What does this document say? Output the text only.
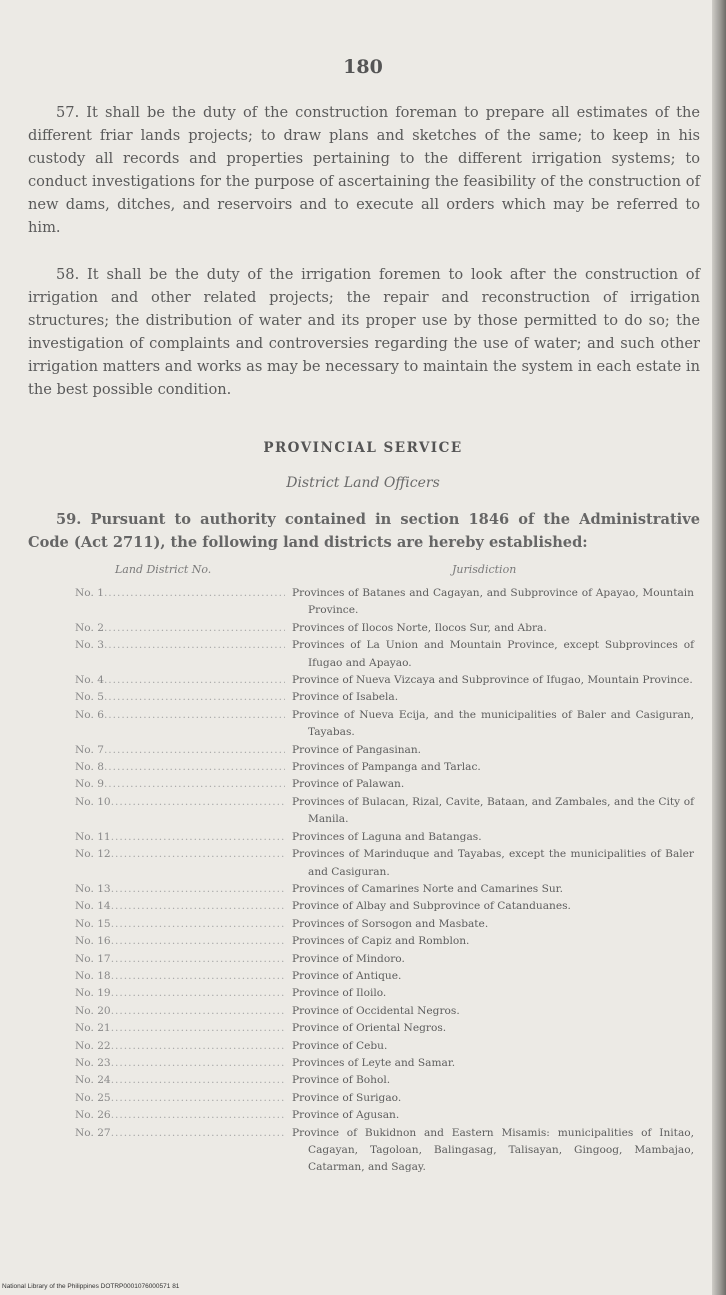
180

57. It shall be the duty of the construction foreman to prepare all estimates of the different friar lands projects; to draw plans and sketches of the same; to keep in his custody all records and properties pertaining to the different irrigation systems; to conduct investigations for the purpose of ascertaining the feasibility of the construction of new dams, ditches, and reservoirs and to execute all orders which may be referred to him.

58. It shall be the duty of the irrigation foremen to look after the construction of irrigation and other related projects; the repair and reconstruction of irrigation structures; the distribution of water and its proper use by those permitted to do so; the investigation of complaints and controversies regarding the use of water; and such other irrigation matters and works as may be necessary to maintain the system in each estate in the best possible condition.

PROVINCIAL SERVICE
District Land Officers

59. Pursuant to authority contained in section 1846 of the Administrative Code (Act 2711), the following land districts are hereby established:

Land District No.	Jurisdiction
No. 1 .....	Provinces of Batanes and Cagayan, and Subprovince of Apayao, Mountain Province.
No. 2 .....	Provinces of Ilocos Norte, Ilocos Sur, and Abra.
No. 3 .....	Provinces of La Union and Mountain Province, except Subprovinces of Ifugao and Apayao.
No. 4 .....	Province of Nueva Vizcaya and Subprovince of Ifugao, Mountain Province.
No. 5 .....	Province of Isabela.
No. 6 .....	Province of Nueva Ecija, and the municipalities of Baler and Casiguran, Tayabas.
No. 7 .....	Province of Pangasinan.
No. 8 .....	Provinces of Pampanga and Tarlac.
No. 9 .....	Province of Palawan.
No. 10 .....	Provinces of Bulacan, Rizal, Cavite, Bataan, and Zambales, and the City of Manila.
No. 11 .....	Provinces of Laguna and Batangas.
No. 12 .....	Provinces of Marinduque and Tayabas, except the municipalities of Baler and Casiguran.
No. 13 .....	Provinces of Camarines Norte and Camarines Sur.
No. 14 .....	Province of Albay and Subprovince of Catanduanes.
No. 15 .....	Provinces of Sorsogon and Masbate.
No. 16 .....	Provinces of Capiz and Romblon.
No. 17 .....	Province of Mindoro.
No. 18 .....	Province of Antique.
No. 19 .....	Province of Iloilo.
No. 20 .....	Province of Occidental Negros.
No. 21 .....	Province of Oriental Negros.
No. 22 .....	Province of Cebu.
No. 23 .....	Provinces of Leyte and Samar.
No. 24 .....	Province of Bohol.
No. 25 .....	Province of Surigao.
No. 26 .....	Province of Agusan.
No. 27 .....	Province of Bukidnon and Eastern Misamis: municipalities of Initao, Cagayan, Tagoloan, Balingasag, Talisayan, Gingoog, Mambajao, Catarman, and Sagay.
National Library of the Philippines DOTRP0001076000571 81
